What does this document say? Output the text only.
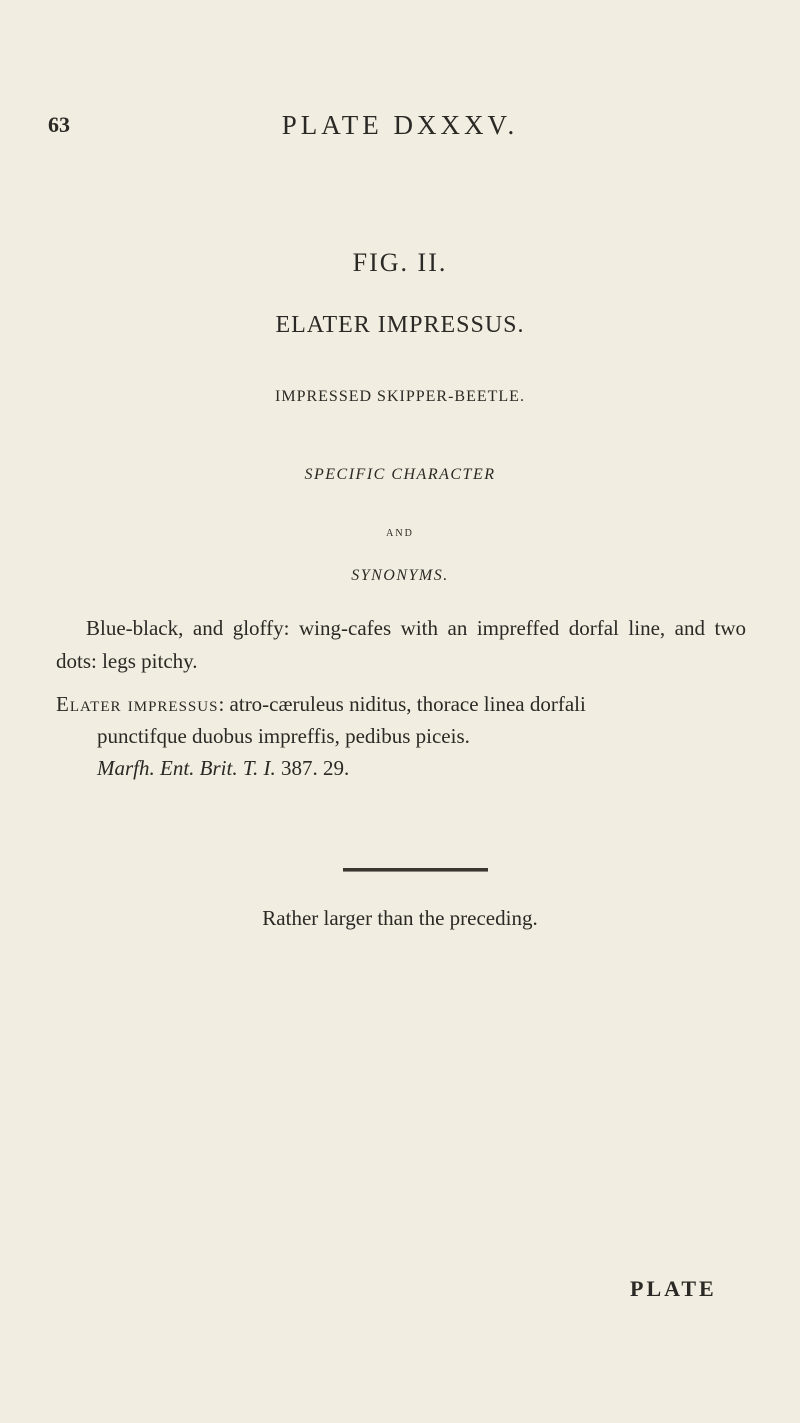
63	PLATE DXXXV.
FIG. II.
ELATER IMPRESSUS.
IMPRESSED SKIPPER-BEETLE.
SPECIFIC CHARACTER
AND
SYNONYMS.

Blue-black, and gloffy: wing-cafes with an impreffed dorfal line, and two dots: legs pitchy.

Elater impressus: atro-cæruleus niditus, thorace linea dorfali
punctifque duobus impreffis, pedibus piceis.
Marfh. Ent. Brit. T. I. 387. 29.
Rather larger than the preceding.
PLATE
